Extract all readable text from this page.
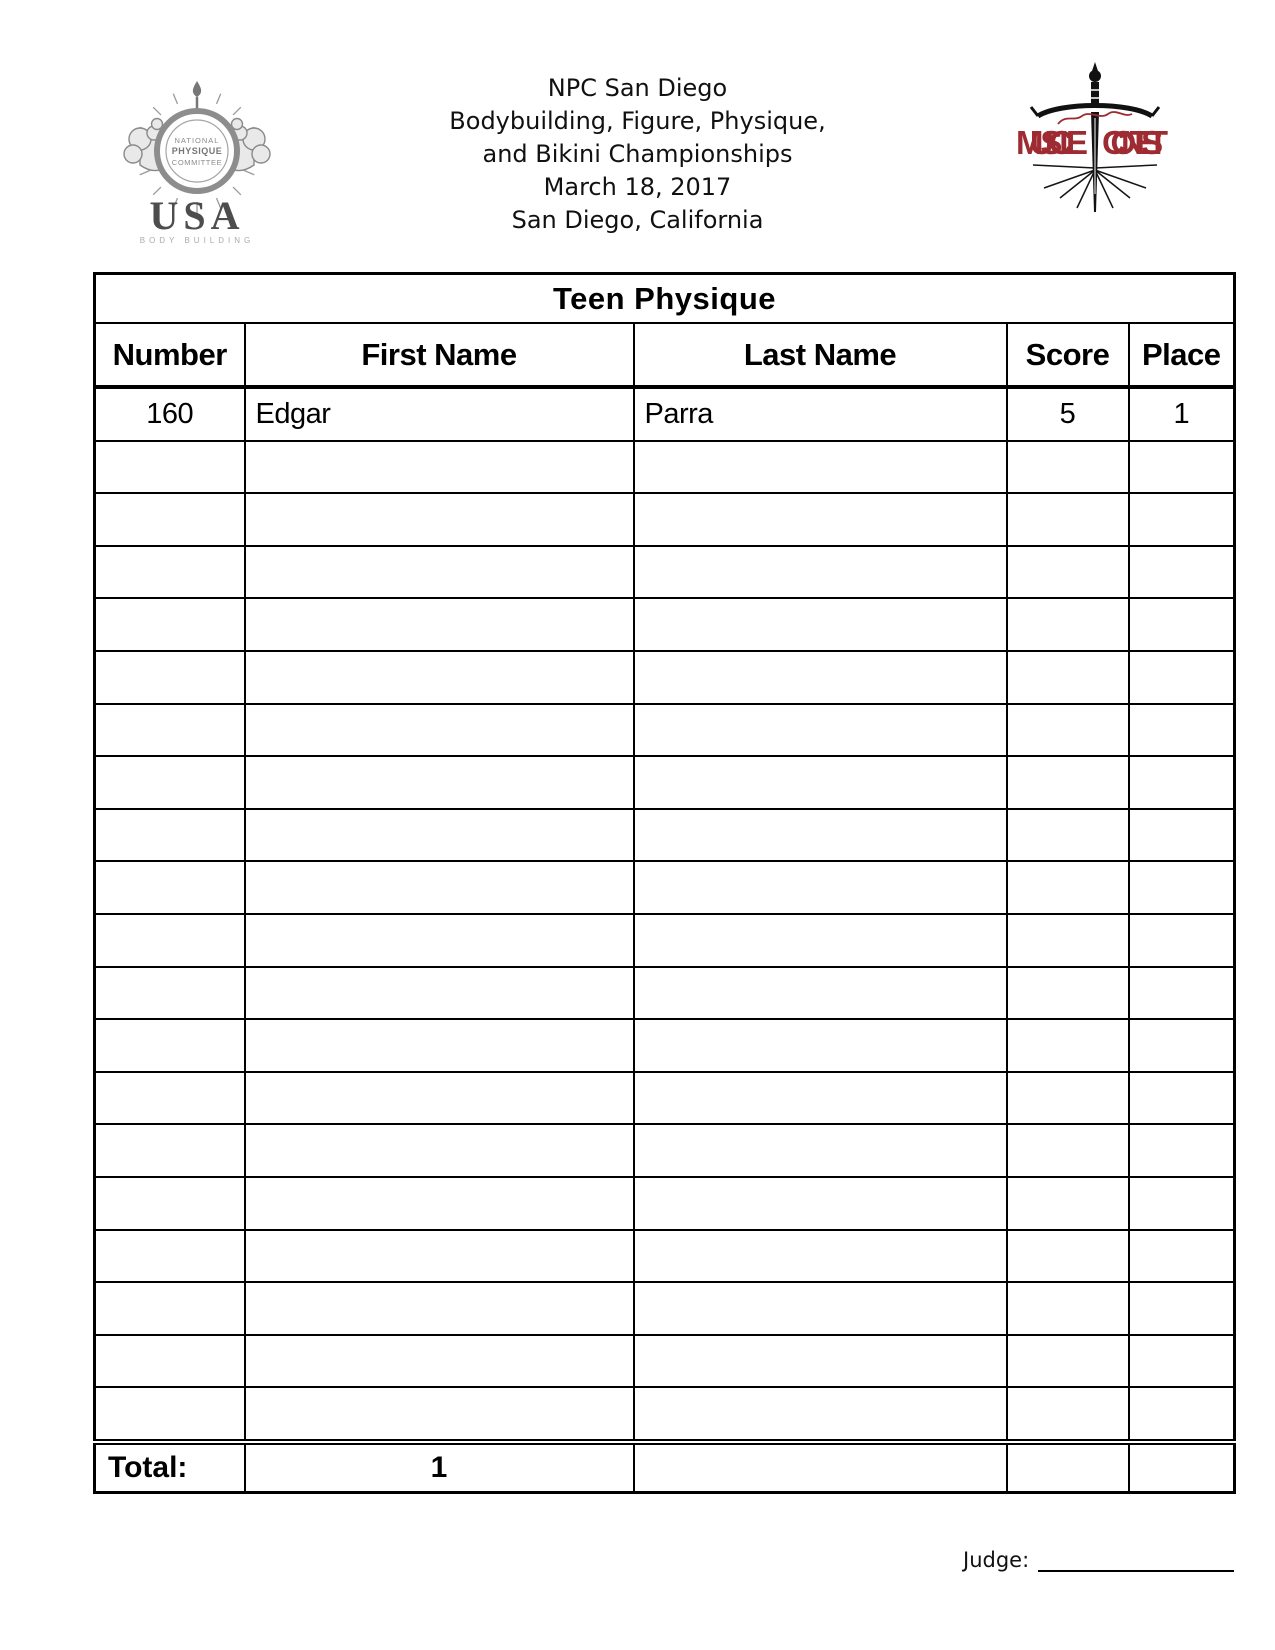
NATIONAL
PHYSIQUE
COMMITTEE
USA
BODY BUILDING
NPC San Diego
Bodybuilding, Figure, Physique,
and Bikini Championships
March 18, 2017
San Diego, California
MUSCLE CONTEST
Teen Physique				
Number	First Name	Last Name	Score	Place
160	Edgar	Parra	5	1

Total:	1			
Judge:
